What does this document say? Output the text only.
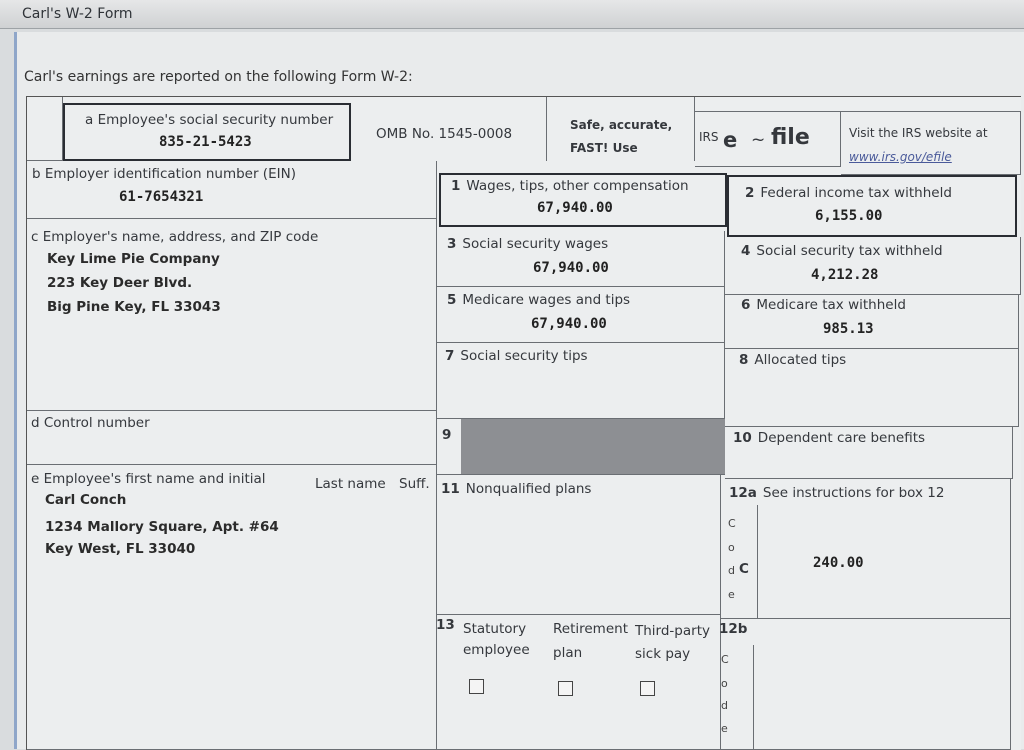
Carl's W-2 Form
Carl's earnings are reported on the following Form W-2:
a Employee's social security number
835-21-5423	OMB No. 1545-0008
Safe, accurate,
FAST! Use
IRS e ~ file	Visit the IRS website at
www.irs.gov/efile
b Employer identification number (EIN)
61-7654321
c Employer's name, address, and ZIP code
Key Lime Pie Company
223 Key Deer Blvd.
Big Pine Key, FL 33043
d Control number
e Employee's first name and initial	Last name Suff.
Carl Conch
1234 Mallory Square, Apt. #64
Key West, FL 33040
1 Wages, tips, other compensation
67,940.00
3 Social security wages
67,940.00
5 Medicare wages and tips
67,940.00
7 Social security tips
9
11 Nonqualified plans
13 Statutory
employee
Retirement
plan
Third-party
sick pay
2 Federal income tax withheld
6,155.00
4 Social security tax withheld
4,212.28
6 Medicare tax withheld
985.13
8 Allocated tips
10 Dependent care benefits
12a See instructions for box 12
C
o
d
e
C	240.00
12b
C
o
d
e
